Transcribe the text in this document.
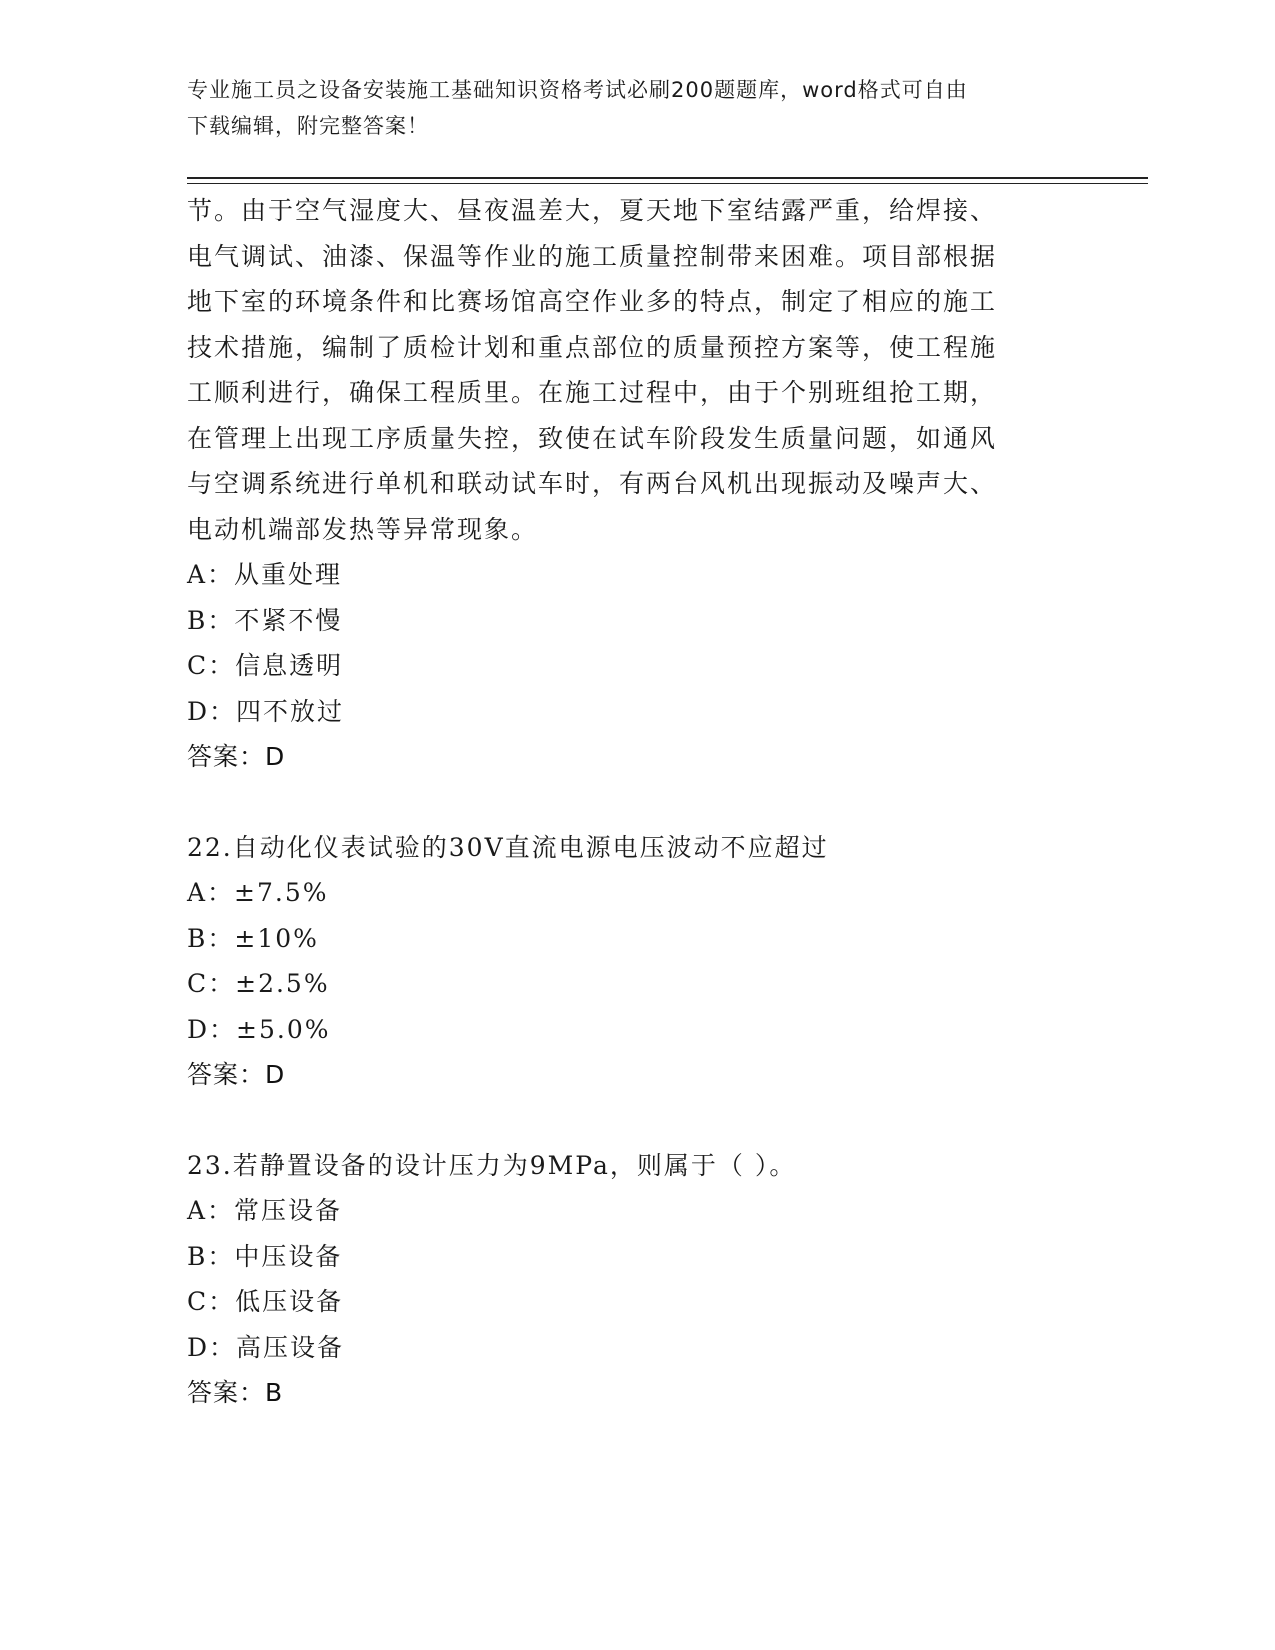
专业施工员之设备安装施工基础知识资格考试必刷200题题库，word格式可自由
下载编辑，附完整答案！
节。由于空气湿度大、昼夜温差大，夏天地下室结露严重，给焊接、
电气调试、油漆、保温等作业的施工质量控制带来困难。项目部根据
地下室的环境条件和比赛场馆高空作业多的特点，制定了相应的施工
技术措施，编制了质检计划和重点部位的质量预控方案等，使工程施
工顺利进行，确保工程质里。在施工过程中，由于个别班组抢工期，
在管理上出现工序质量失控，致使在试车阶段发生质量问题，如通风
与空调系统进行单机和联动试车时，有两台风机出现振动及噪声大、
电动机端部发热等异常现象。
A：从重处理
B：不紧不慢
C：信息透明
D：四不放过
答案：D
22.自动化仪表试验的30V直流电源电压波动不应超过
A：±7.5%
B：±10%
C：±2.5%
D：±5.0%
答案：D
23.若静置设备的设计压力为9MPa，则属于（ ）。
A：常压设备
B：中压设备
C：低压设备
D：高压设备
答案：B
